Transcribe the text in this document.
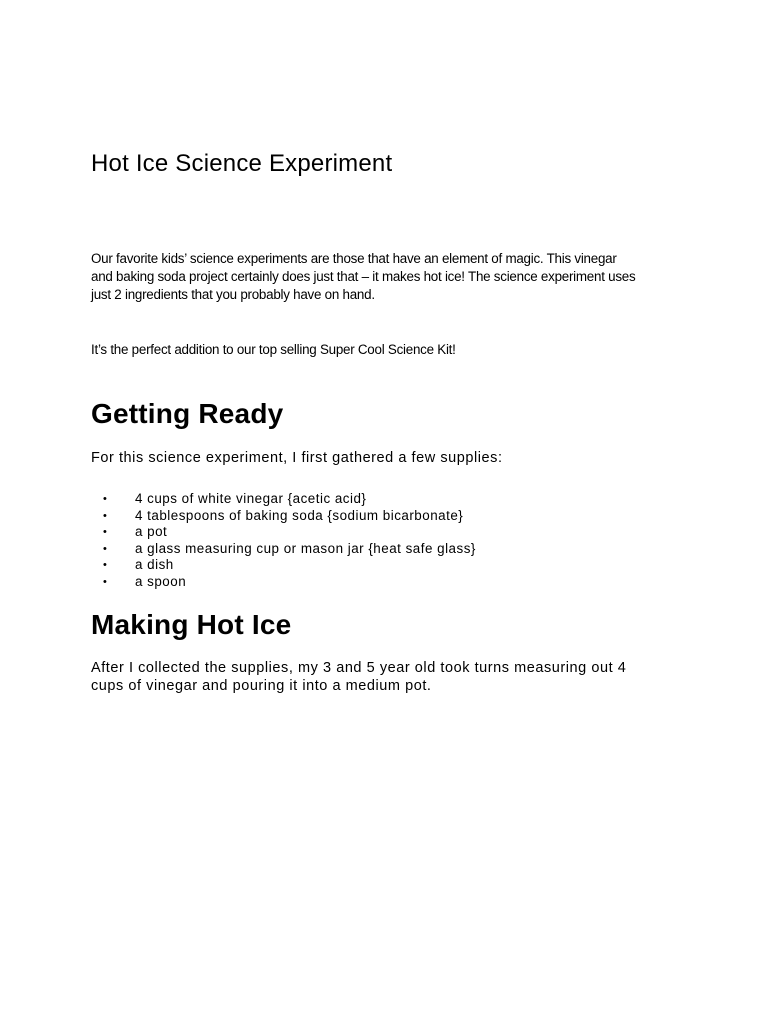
Hot Ice Science Experiment

Our favorite kids’ science experiments are those that have an element of magic. This vinegar
and baking soda project certainly does just that – it makes hot ice! The science experiment uses
just 2 ingredients that you probably have on hand.

It’s the perfect addition to our top selling Super Cool Science Kit!

Getting Ready

For this science experiment, I first gathered a few supplies:

• 4 cups of white vinegar {acetic acid}
• 4 tablespoons of baking soda {sodium bicarbonate}
• a pot
• a glass measuring cup or mason jar {heat safe glass}
• a dish
• a spoon
Making Hot Ice

After I collected the supplies, my 3 and 5 year old took turns measuring out 4
cups of vinegar and pouring it into a medium pot.
